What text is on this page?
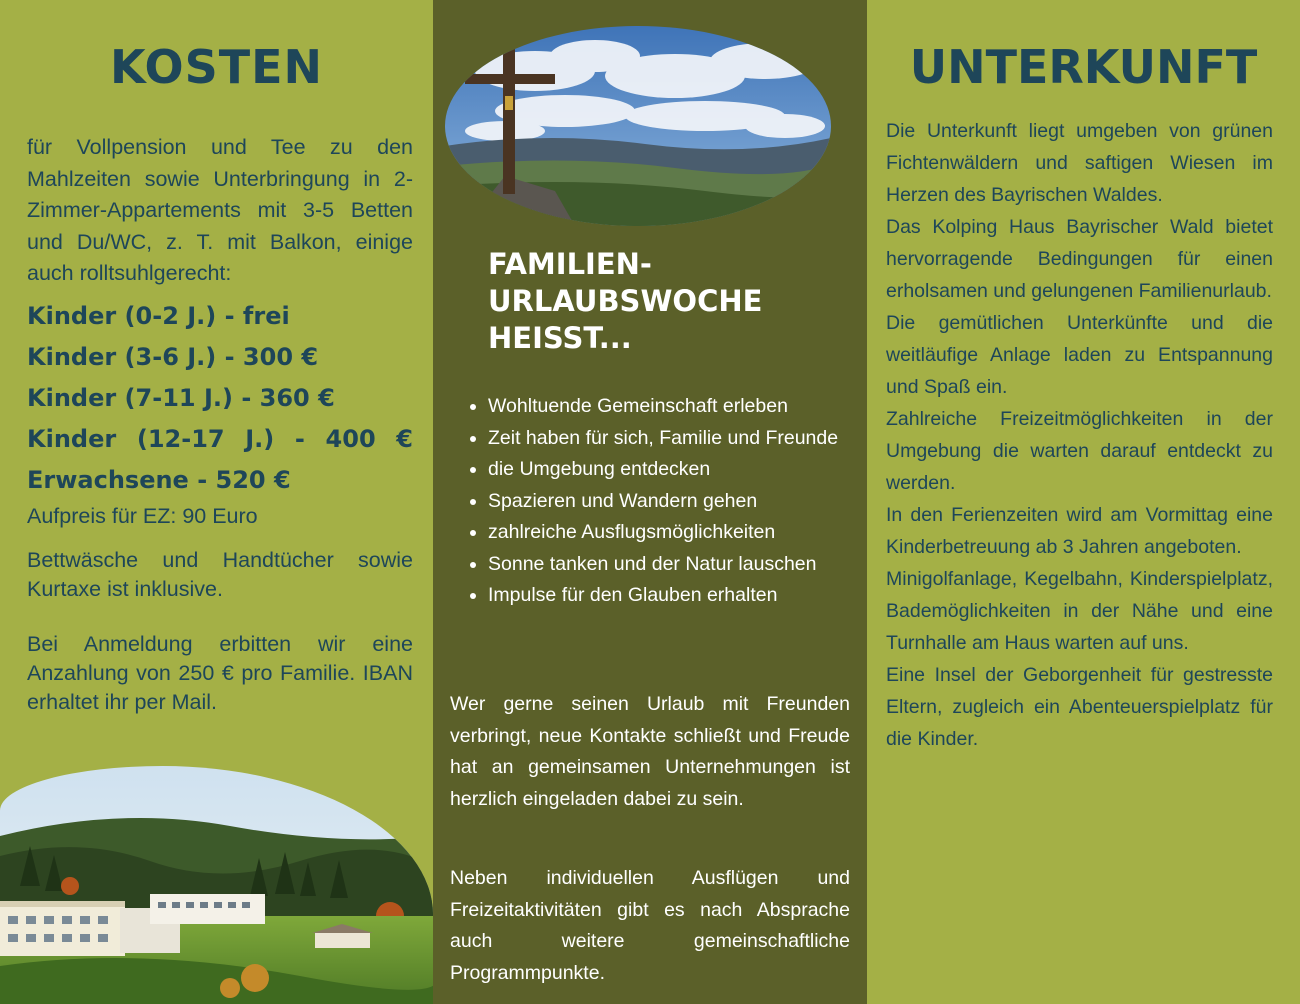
KOSTEN

für Vollpension und Tee zu den Mahlzeiten sowie Unterbringung in 2-Zimmer-Appartements mit 3-5 Betten und Du/WC, z. T. mit Balkon, einige auch rolltsuhlgerecht:

Kinder (0-2 J.) - frei
Kinder (3-6 J.) - 300 €
Kinder (7-11 J.) - 360 €
Kinder (12-17 J.) - 400 €
Erwachsene - 520 €

Aufpreis für EZ: 90 Euro

Bettwäsche und Handtücher sowie Kurtaxe ist inklusive.

Bei Anmeldung erbitten wir eine Anzahlung von 250 € pro Familie. IBAN erhaltet ihr per Mail.

FAMILIEN-
URLAUBSWOCHE
HEISST...
• Wohltuende Gemeinschaft erleben
• Zeit haben für sich, Familie und Freunde
• die Umgebung entdecken
• Spazieren und Wandern gehen
• zahlreiche Ausflugsmöglichkeiten
• Sonne tanken und der Natur lauschen
• Impulse für den Glauben erhalten

Wer gerne seinen Urlaub mit Freunden verbringt, neue Kontakte schließt und Freude hat an gemeinsamen Unternehmungen ist herzlich eingeladen dabei zu sein.

Neben individuellen Ausflügen und Freizeitaktivitäten gibt es nach Absprache auch weitere gemeinschaftliche Programmpunkte.

UNTERKUNFT

Die Unterkunft liegt umgeben von grünen Fichtenwäldern und saftigen Wiesen im Herzen des Bayrischen Waldes.

Das Kolping Haus Bayrischer Wald bietet hervorragende Bedingungen für einen erholsamen und gelungenen Familienurlaub.

Die gemütlichen Unterkünfte und die weitläufige Anlage laden zu Entspannung und Spaß ein.

Zahlreiche Freizeitmöglichkeiten in der Umgebung die warten darauf entdeckt zu werden.

In den Ferienzeiten wird am Vormittag eine Kinderbetreuung ab 3 Jahren angeboten.

Minigolfanlage, Kegelbahn, Kinderspielplatz, Bademöglichkeiten in der Nähe und eine Turnhalle am Haus warten auf uns.

Eine Insel der Geborgenheit für gestresste Eltern, zugleich ein Abenteuerspielplatz für die Kinder.
